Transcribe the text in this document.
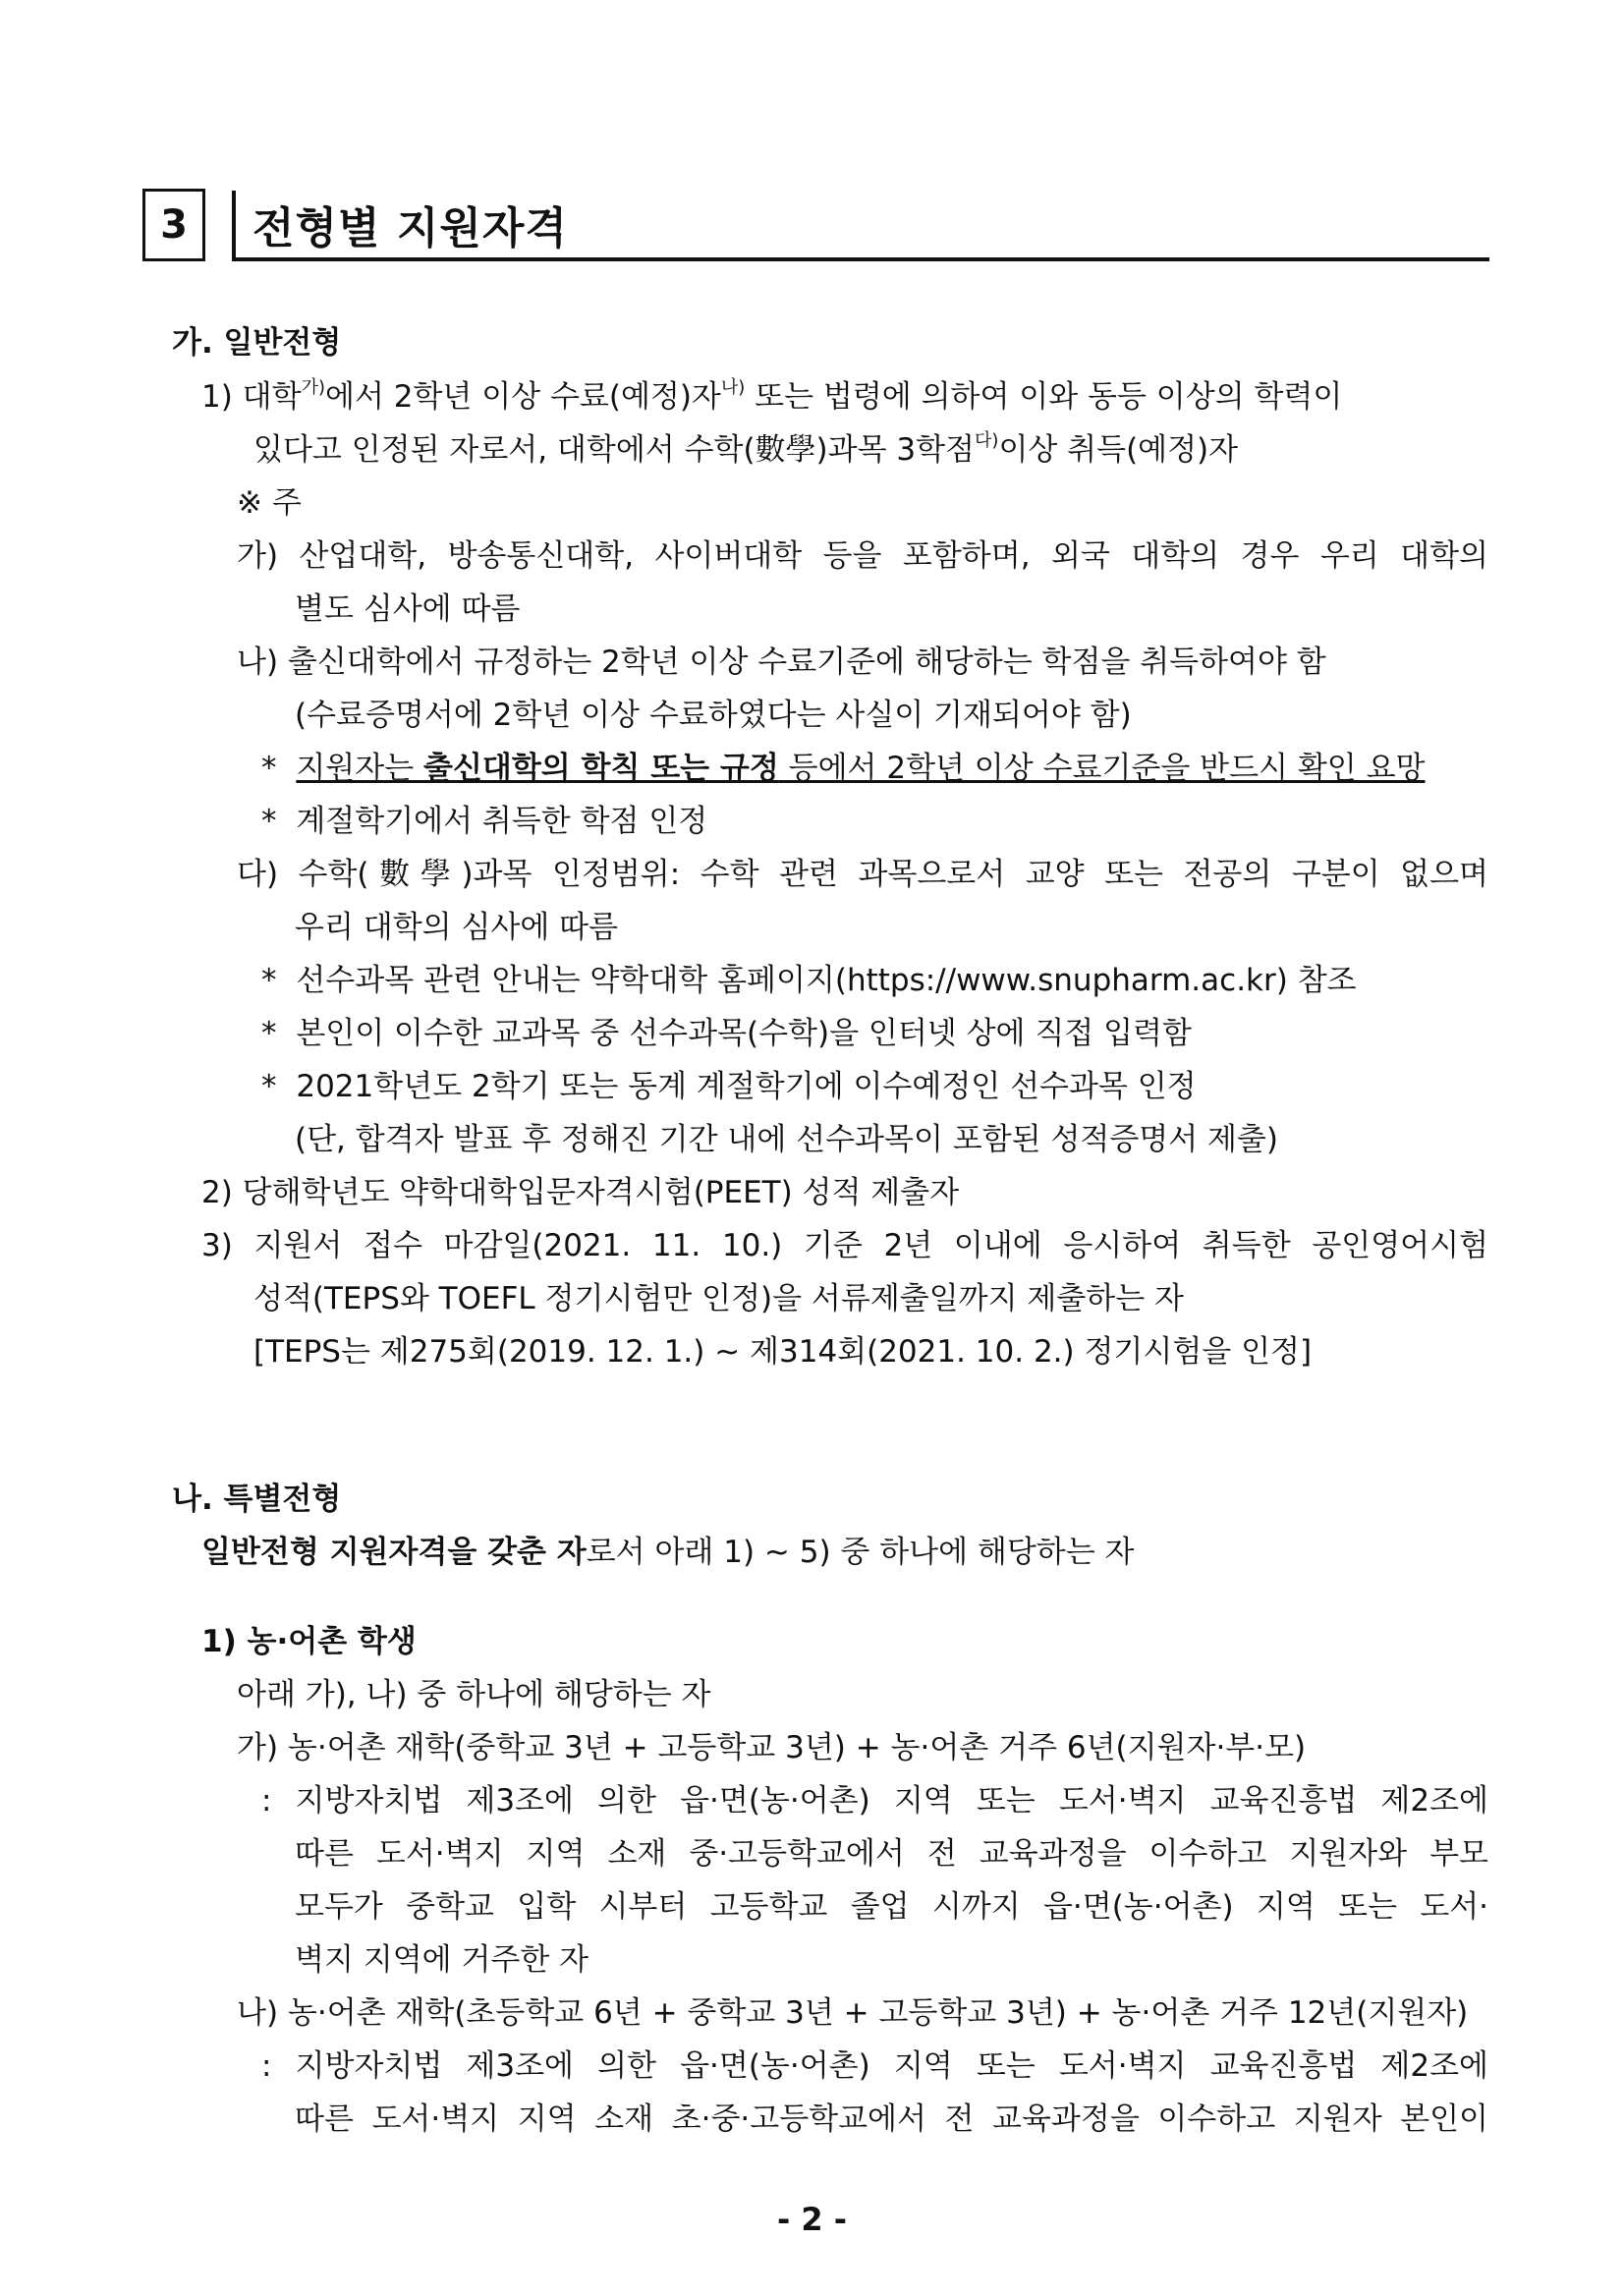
3	전형별 지원자격
가. 일반전형
1) 대학$^{가)}$에서 2학년 이상 수료(예정)자$^{나)}$ 또는 법령에 의하여 이와 동등 이상의 학력이
있다고 인정된 자로서, 대학에서 수학(數學)과목 3학점$^{다)}$이상 취득(예정)자
※ 주
가) 산업대학, 방송통신대학, 사이버대학 등을 포함하며, 외국 대학의 경우 우리 대학의
별도 심사에 따름
나) 출신대학에서 규정하는 2학년 이상 수료기준에 해당하는 학점을 취득하여야 함
(수료증명서에 2학년 이상 수료하였다는 사실이 기재되어야 함)
* 지원자는 출신대학의 학칙 또는 규정 등에서 2학년 이상 수료기준을 반드시 확인 요망
* 계절학기에서 취득한 학점 인정
다) 수학(數學)과목 인정범위: 수학 관련 과목으로서 교양 또는 전공의 구분이 없으며
우리 대학의 심사에 따름
* 선수과목 관련 안내는 약학대학 홈페이지(https://www.snupharm.ac.kr) 참조
* 본인이 이수한 교과목 중 선수과목(수학)을 인터넷 상에 직접 입력함
* 2021학년도 2학기 또는 동계 계절학기에 이수예정인 선수과목 인정
(단, 합격자 발표 후 정해진 기간 내에 선수과목이 포함된 성적증명서 제출)
2) 당해학년도 약학대학입문자격시험(PEET) 성적 제출자
3) 지원서 접수 마감일(2021. 11. 10.) 기준 2년 이내에 응시하여 취득한 공인영어시험
성적(TEPS와 TOEFL 정기시험만 인정)을 서류제출일까지 제출하는 자
[TEPS는 제275회(2019. 12. 1.) ~ 제314회(2021. 10. 2.) 정기시험을 인정]
나. 특별전형
일반전형 지원자격을 갖춘 자로서 아래 1) ~ 5) 중 하나에 해당하는 자
1) 농·어촌 학생
아래 가), 나) 중 하나에 해당하는 자
가) 농·어촌 재학(중학교 3년 + 고등학교 3년) + 농·어촌 거주 6년(지원자·부·모)
: 지방자치법 제3조에 의한 읍·면(농·어촌) 지역 또는 도서·벽지 교육진흥법 제2조에
따른 도서·벽지 지역 소재 중·고등학교에서 전 교육과정을 이수하고 지원자와 부모
모두가 중학교 입학 시부터 고등학교 졸업 시까지 읍·면(농·어촌) 지역 또는 도서·
벽지 지역에 거주한 자
나) 농·어촌 재학(초등학교 6년 + 중학교 3년 + 고등학교 3년) + 농·어촌 거주 12년(지원자)
: 지방자치법 제3조에 의한 읍·면(농·어촌) 지역 또는 도서·벽지 교육진흥법 제2조에
따른 도서·벽지 지역 소재 초·중·고등학교에서 전 교육과정을 이수하고 지원자 본인이
- 2 -
